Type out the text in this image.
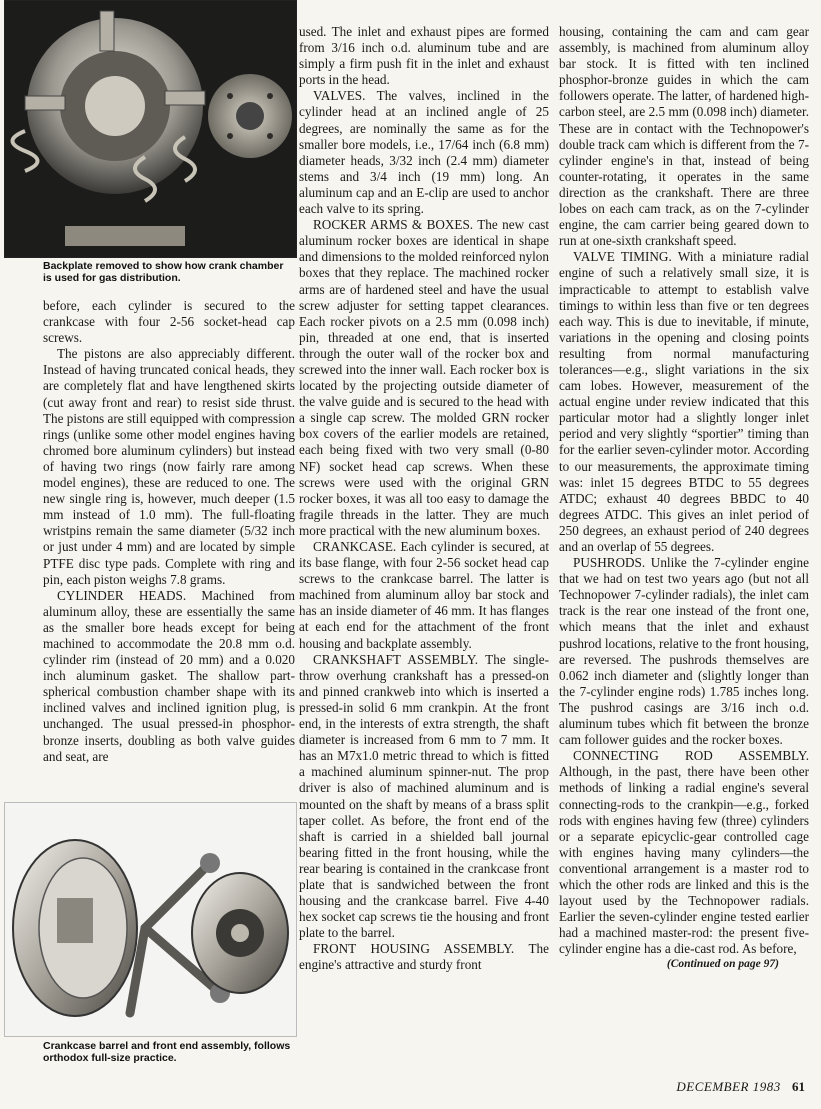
Backplate removed to show how crank chamber is used for gas distribution.

before, each cylinder is secured to the crankcase with four 2-56 socket-head cap screws.

The pistons are also appreciably different. Instead of having truncated conical heads, they are completely flat and have lengthened skirts (cut away front and rear) to resist side thrust. The pistons are still equipped with compression rings (unlike some other model engines having chromed bore aluminum cylinders) but instead of having two rings (now fairly rare among model engines), these are reduced to one. The new single ring is, however, much deeper (1.5 mm instead of 1.0 mm). The full-floating wristpins remain the same diameter (5/32 inch or just under 4 mm) and are located by simple PTFE disc type pads. Complete with ring and pin, each piston weighs 7.8 grams.

CYLINDER HEADS. Machined from aluminum alloy, these are essentially the same as the smaller bore heads except for being machined to accommodate the 20.8 mm o.d. cylinder rim (instead of 20 mm) and a 0.020 inch aluminum gasket. The shallow part-spherical combustion chamber shape with its inclined valves and inclined ignition plug, is unchanged. The usual pressed-in phosphor-bronze inserts, doubling as both valve guides and seat, are

Crankcase barrel and front end assembly, follows orthodox full-size practice.

used. The inlet and exhaust pipes are formed from 3/16 inch o.d. aluminum tube and are simply a firm push fit in the inlet and exhaust ports in the head.

VALVES. The valves, inclined in the cylinder head at an inclined angle of 25 degrees, are nominally the same as for the smaller bore models, i.e., 17/64 inch (6.8 mm) diameter heads, 3/32 inch (2.4 mm) diameter stems and 3/4 inch (19 mm) long. An aluminum cap and an E-clip are used to anchor each valve to its spring.

ROCKER ARMS & BOXES. The new cast aluminum rocker boxes are identical in shape and dimensions to the molded reinforced nylon boxes that they replace. The machined rocker arms are of hardened steel and have the usual screw adjuster for setting tappet clearances. Each rocker pivots on a 2.5 mm (0.098 inch) pin, threaded at one end, that is inserted through the outer wall of the rocker box and screwed into the inner wall. Each rocker box is located by the projecting outside diameter of the valve guide and is secured to the head with a single cap screw. The molded GRN rocker box covers of the earlier models are retained, each being fixed with two very small (0-80 NF) socket head cap screws. When these screws were used with the original GRN rocker boxes, it was all too easy to damage the fragile threads in the latter. They are much more practical with the new aluminum boxes.

CRANKCASE. Each cylinder is secured, at its base flange, with four 2-56 socket head cap screws to the crankcase barrel. The latter is machined from aluminum alloy bar stock and has an inside diameter of 46 mm. It has flanges at each end for the attachment of the front housing and backplate assembly.

CRANKSHAFT ASSEMBLY. The single-throw overhung crankshaft has a pressed-on and pinned crankweb into which is inserted a pressed-in solid 6 mm crankpin. At the front end, in the interests of extra strength, the shaft diameter is increased from 6 mm to 7 mm. It has an M7x1.0 metric thread to which is fitted a machined aluminum spinner-nut. The prop driver is also of machined aluminum and is mounted on the shaft by means of a brass split taper collet. As before, the front end of the shaft is carried in a shielded ball journal bearing fitted in the front housing, while the rear bearing is contained in the crankcase front plate that is sandwiched between the front housing and the crankcase barrel. Five 4-40 hex socket cap screws tie the housing and front plate to the barrel.

FRONT HOUSING ASSEMBLY. The engine's attractive and sturdy front

housing, containing the cam and cam gear assembly, is machined from aluminum alloy bar stock. It is fitted with ten inclined phosphor-bronze guides in which the cam followers operate. The latter, of hardened high-carbon steel, are 2.5 mm (0.098 inch) diameter. These are in contact with the Technopower's double track cam which is different from the 7-cylinder engine's in that, instead of being counter-rotating, it operates in the same direction as the crankshaft. There are three lobes on each cam track, as on the 7-cylinder engine, the cam carrier being geared down to run at one-sixth crankshaft speed.

VALVE TIMING. With a miniature radial engine of such a relatively small size, it is impracticable to attempt to establish valve timings to within less than five or ten degrees each way. This is due to inevitable, if minute, variations in the opening and closing points resulting from normal manufacturing tolerances—e.g., slight variations in the six cam lobes. However, measurement of the actual engine under review indicated that this particular motor had a slightly longer inlet period and very slightly “sportier” timing than for the earlier seven-cylinder motor. According to our measurements, the approximate timing was: inlet 15 degrees BTDC to 55 degrees ATDC; exhaust 40 degrees BBDC to 40 degrees ATDC. This gives an inlet period of 250 degrees, an exhaust period of 240 degrees and an overlap of 55 degrees.

PUSHRODS. Unlike the 7-cylinder engine that we had on test two years ago (but not all Technopower 7-cylinder radials), the inlet cam track is the rear one instead of the front one, which means that the inlet and exhaust pushrod locations, relative to the front housing, are reversed. The pushrods themselves are 0.062 inch diameter and (slightly longer than the 7-cylinder engine rods) 1.785 inches long. The pushrod casings are 3/16 inch o.d. aluminum tubes which fit between the bronze cam follower guides and the rocker boxes.

CONNECTING ROD ASSEMBLY. Although, in the past, there have been other methods of linking a radial engine's several connecting-rods to the crankpin—e.g., forked rods with engines having few (three) cylinders or a separate epicyclic-gear controlled cage with engines having many cylinders—the conventional arrangement is a master rod to which the other rods are linked and this is the layout used by the Technopower radials. Earlier the seven-cylinder engine tested earlier had a machined master-rod: the present five-cylinder engine has a die-cast rod. As before,

(Continued on page 97)

DECEMBER 1983 61
